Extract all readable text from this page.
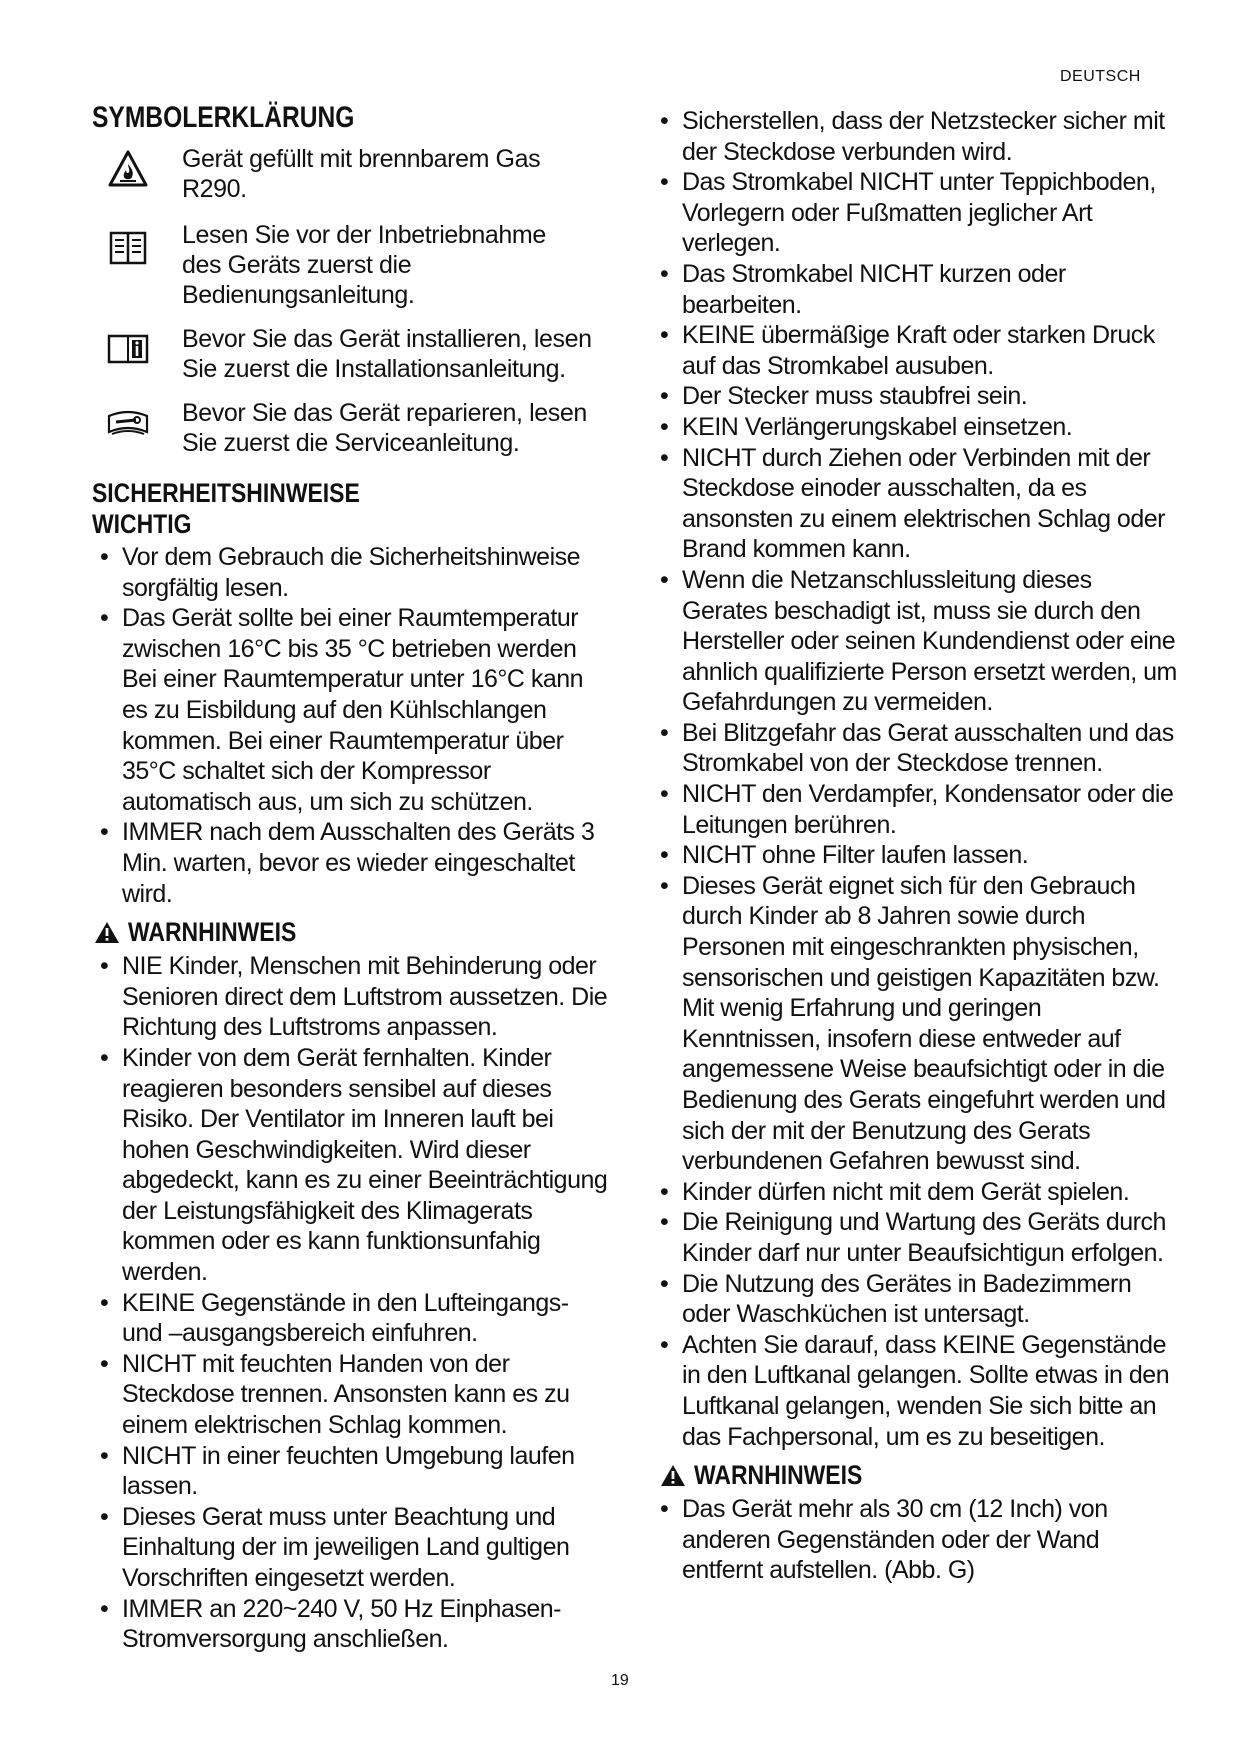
DEUTSCH
SYMBOLERKLÄRUNG
Gerät gefüllt mit brennbarem Gas R290.
Lesen Sie vor der Inbetriebnahme des Geräts zuerst die Bedienungsanleitung.
Bevor Sie das Gerät installieren, lesen Sie zuerst die Installationsanleitung.
Bevor Sie das Gerät reparieren, lesen Sie zuerst die Serviceanleitung.
SICHERHEITSHINWEISE
WICHTIG
• Vor dem Gebrauch die Sicherheitshinweise sorgfältig lesen.
• Das Gerät sollte bei einer Raumtemperatur zwischen 16°C bis 35 °C betrieben werden Bei einer Raumtemperatur unter 16°C kann es zu Eisbildung auf den Kühlschlangen kommen. Bei einer Raumtemperatur über 35°C schaltet sich der Kompressor automatisch aus, um sich zu schützen.
• IMMER nach dem Ausschalten des Geräts 3 Min. warten, bevor es wieder eingeschaltet wird.
WARNHINWEIS
• NIE Kinder, Menschen mit Behinderung oder Senioren direct dem Luftstrom aussetzen. Die Richtung des Luftstroms anpassen.
• Kinder von dem Gerät fernhalten. Kinder reagieren besonders sensibel auf dieses Risiko. Der Ventilator im Inneren lauft bei hohen Geschwindigkeiten. Wird dieser abgedeckt, kann es zu einer Beeinträchtigung der Leistungsfähigkeit des Klimagerats kommen oder es kann funktionsunfahig werden.
• KEINE Gegenstände in den Lufteingangs- und –ausgangsbereich einfuhren.
• NICHT mit feuchten Handen von der Steckdose trennen. Ansonsten kann es zu einem elektrischen Schlag kommen.
• NICHT in einer feuchten Umgebung laufen lassen.
• Dieses Gerat muss unter Beachtung und Einhaltung der im jeweiligen Land gultigen Vorschriften eingesetzt werden.
• IMMER an 220~240 V, 50 Hz Einphasen-Stromversorgung anschließen.
• Sicherstellen, dass der Netzstecker sicher mit der Steckdose verbunden wird.
• Das Stromkabel NICHT unter Teppichboden, Vorlegern oder Fußmatten jeglicher Art verlegen.
• Das Stromkabel NICHT kurzen oder bearbeiten.
• KEINE übermäßige Kraft oder starken Druck auf das Stromkabel ausuben.
• Der Stecker muss staubfrei sein.
• KEIN Verlängerungskabel einsetzen.
• NICHT durch Ziehen oder Verbinden mit der Steckdose einoder ausschalten, da es ansonsten zu einem elektrischen Schlag oder Brand kommen kann.
• Wenn die Netzanschlussleitung dieses Gerates beschadigt ist, muss sie durch den Hersteller oder seinen Kundendienst oder eine ahnlich qualifizierte Person ersetzt werden, um Gefahrdungen zu vermeiden.
• Bei Blitzgefahr das Gerat ausschalten und das Stromkabel von der Steckdose trennen.
• NICHT den Verdampfer, Kondensator oder die Leitungen berühren.
• NICHT ohne Filter laufen lassen.
• Dieses Gerät eignet sich für den Gebrauch durch Kinder ab 8 Jahren sowie durch Personen mit eingeschrankten physischen, sensorischen und geistigen Kapazitäten bzw. Mit wenig Erfahrung und geringen Kenntnissen, insofern diese entweder auf angemessene Weise beaufsichtigt oder in die Bedienung des Gerats eingefuhrt werden und sich der mit der Benutzung des Gerats verbundenen Gefahren bewusst sind.
• Kinder dürfen nicht mit dem Gerät spielen.
• Die Reinigung und Wartung des Geräts durch Kinder darf nur unter Beaufsichtigun erfolgen.
• Die Nutzung des Gerätes in Badezimmern oder Waschküchen ist untersagt.
• Achten Sie darauf, dass KEINE Gegenstände in den Luftkanal gelangen. Sollte etwas in den Luftkanal gelangen, wenden Sie sich bitte an das Fachpersonal, um es zu beseitigen.
WARNHINWEIS
• Das Gerät mehr als 30 cm (12 Inch) von anderen Gegenständen oder der Wand entfernt aufstellen. (Abb. G)
19
